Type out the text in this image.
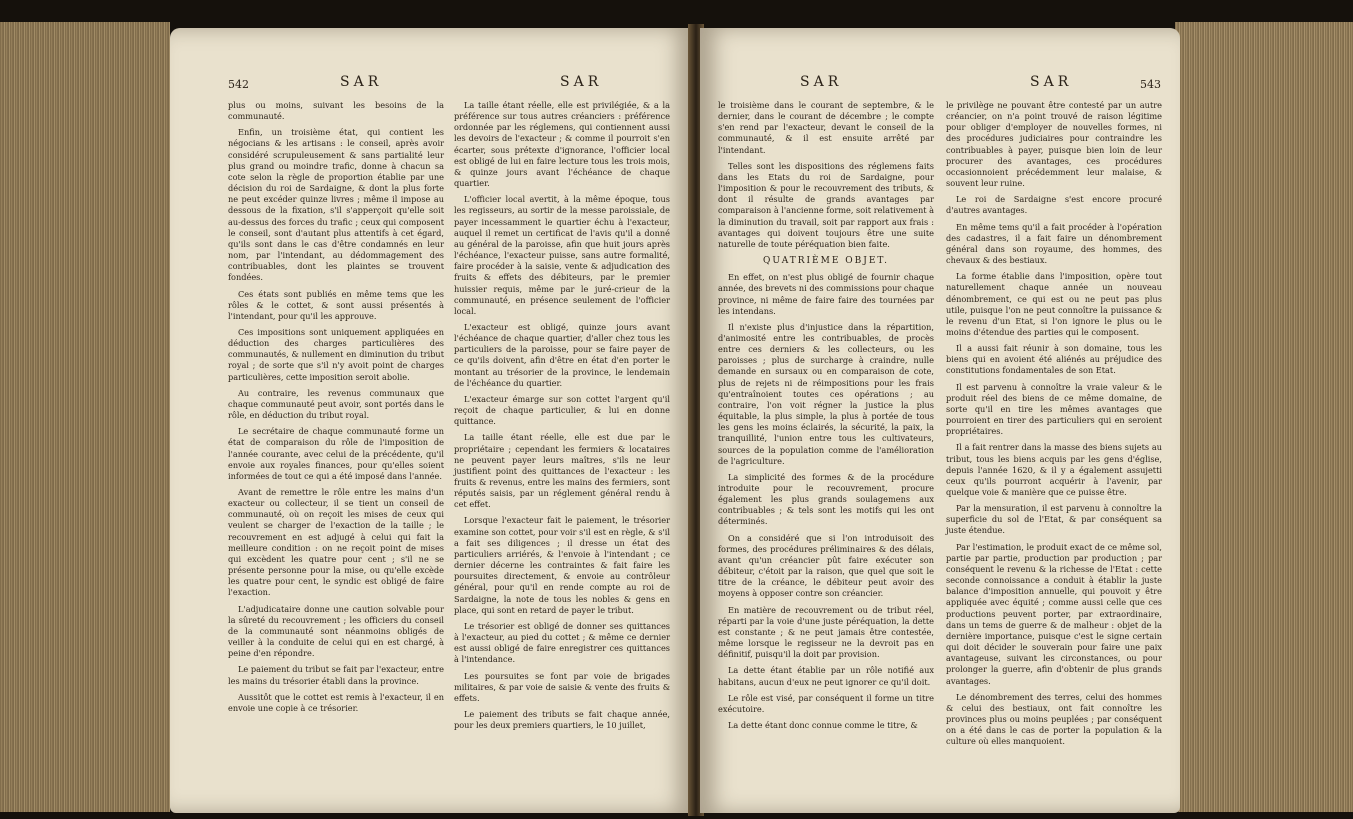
542	SAR	SAR

plus ou moins, suivant les besoins de la communauté.

Enfin, un troisième état, qui contient les négocians & les artisans : le conseil, après avoir considéré scrupuleusement & sans partialité leur plus grand ou moindre trafic, donne à chacun sa cote selon la règle de proportion établie par une décision du roi de Sardaigne, & dont la plus forte ne peut excéder quinze livres ; même il impose au dessous de la fixation, s'il s'apperçoit qu'elle soit au-dessus des forces du trafic ; ceux qui composent le conseil, sont d'autant plus attentifs à cet égard, qu'ils sont dans le cas d'être condamnés en leur nom, par l'intendant, au dédommagement des contribuables, dont les plaintes se trouvent fondées.

Ces états sont publiés en même tems que les rôles & le cottet, & sont aussi présentés à l'intendant, pour qu'il les approuve.

Ces impositions sont uniquement appliquées en déduction des charges particulières des communautés, & nullement en diminution du tribut royal ; de sorte que s'il n'y avoit point de charges particulières, cette imposition seroit abolie.

Au contraire, les revenus communaux que chaque communauté peut avoir, sont portés dans le rôle, en déduction du tribut royal.

Le secrétaire de chaque communauté forme un état de comparaison du rôle de l'imposition de l'année courante, avec celui de la précédente, qu'il envoie aux royales finances, pour qu'elles soient informées de tout ce qui a été imposé dans l'année.

Avant de remettre le rôle entre les mains d'un exacteur ou collecteur, il se tient un conseil de communauté, où on reçoit les mises de ceux qui veulent se charger de l'exaction de la taille ; le recouvrement en est adjugé à celui qui fait la meilleure condition : on ne reçoit point de mises qui excèdent les quatre pour cent ; s'il ne se présente personne pour la mise, ou qu'elle excède les quatre pour cent, le syndic est obligé de faire l'exaction.

L'adjudicataire donne une caution solvable pour la sûreté du recouvrement ; les officiers du conseil de la communauté sont néanmoins obligés de veiller à la conduite de celui qui en est chargé, à peine d'en répondre.

Le paiement du tribut se fait par l'exacteur, entre les mains du trésorier établi dans la province.

Aussitôt que le cottet est remis à l'exacteur, il en envoie une copie à ce trésorier.

La taille étant réelle, elle est privilégiée, & a la préférence sur tous autres créanciers : préférence ordonnée par les réglemens, qui contiennent aussi les devoirs de l'exacteur ; & comme il pourroit s'en écarter, sous prétexte d'ignorance, l'officier local est obligé de lui en faire lecture tous les trois mois, & quinze jours avant l'échéance de chaque quartier.

L'officier local avertit, à la même époque, tous les regisseurs, au sortir de la messe paroissiale, de payer incessamment le quartier échu à l'exacteur, auquel il remet un certificat de l'avis qu'il a donné au général de la paroisse, afin que huit jours après l'échéance, l'exacteur puisse, sans autre formalité, faire procéder à la saisie, vente & adjudication des fruits & effets des débiteurs, par le premier huissier requis, même par le juré-crieur de la communauté, en présence seulement de l'officier local.

L'exacteur est obligé, quinze jours avant l'échéance de chaque quartier, d'aller chez tous les particuliers de la paroisse, pour se faire payer de ce qu'ils doivent, afin d'être en état d'en porter le montant au trésorier de la province, le lendemain de l'échéance du quartier.

L'exacteur émarge sur son cottet l'argent qu'il reçoit de chaque particulier, & lui en donne quittance.

La taille étant réelle, elle est due par le propriétaire ; cependant les fermiers & locataires ne peuvent payer leurs maîtres, s'ils ne leur justifient point des quittances de l'exacteur : les fruits & revenus, entre les mains des fermiers, sont réputés saisis, par un réglement général rendu à cet effet.

Lorsque l'exacteur fait le paiement, le trésorier examine son cottet, pour voir s'il est en règle, & s'il a fait ses diligences ; il dresse un état des particuliers arriérés, & l'envoie à l'intendant ; ce dernier décerne les contraintes & fait faire les poursuites directement, & envoie au contrôleur général, pour qu'il en rende compte au roi de Sardaigne, la note de tous les nobles & gens en place, qui sont en retard de payer le tribut.

Le trésorier est obligé de donner ses quittances à l'exacteur, au pied du cottet ; & même ce dernier est aussi obligé de faire enregistrer ces quittances à l'intendance.

Les poursuites se font par voie de brigades militaires, & par voie de saisie & vente des fruits & effets.

Le paiement des tributs se fait chaque année, pour les deux premiers quartiers, le 10 juillet,

SAR	SAR	543

le troisième dans le courant de septembre, & le dernier, dans le courant de décembre ; le compte s'en rend par l'exacteur, devant le conseil de la communauté, & il est ensuite arrêté par l'intendant.

Telles sont les dispositions des réglemens faits dans les Etats du roi de Sardaigne, pour l'imposition & pour le recouvrement des tributs, & dont il résulte de grands avantages par comparaison à l'ancienne forme, soit relativement à la diminution du travail, soit par rapport aux frais : avantages qui doivent toujours être une suite naturelle de toute péréquation bien faite.

QUATRIÈME OBJET.

En effet, on n'est plus obligé de fournir chaque année, des brevets ni des commissions pour chaque province, ni même de faire faire des tournées par les intendans.

Il n'existe plus d'injustice dans la répartition, d'animosité entre les contribuables, de procès entre ces derniers & les collecteurs, ou les paroisses ; plus de surcharge à craindre, nulle demande en sursaux ou en comparaison de cote, plus de rejets ni de réimpositions pour les frais qu'entraînoient toutes ces opérations ; au contraire, l'on voit régner la justice la plus équitable, la plus simple, la plus à portée de tous les gens les moins éclairés, la sécurité, la paix, la tranquillité, l'union entre tous les cultivateurs, sources de la population comme de l'amélioration de l'agriculture.

La simplicité des formes & de la procédure introduite pour le recouvrement, procure également les plus grands soulagemens aux contribuables ; & tels sont les motifs qui les ont déterminés.

On a considéré que si l'on introduisoit des formes, des procédures préliminaires & des délais, avant qu'un créancier pût faire exécuter son débiteur, c'étoit par la raison, que quel que soit le titre de la créance, le débiteur peut avoir des moyens à opposer contre son créancier.

En matière de recouvrement ou de tribut réel, réparti par la voie d'une juste péréquation, la dette est constante ; & ne peut jamais être contestée, même lorsque le regisseur ne la devroit pas en définitif, puisqu'il la doit par provision.

La dette étant établie par un rôle notifié aux habitans, aucun d'eux ne peut ignorer ce qu'il doit.

Le rôle est visé, par conséquent il forme un titre exécutoire.

La dette étant donc connue comme le titre, &

le privilège ne pouvant être contesté par un autre créancier, on n'a point trouvé de raison légitime pour obliger d'employer de nouvelles formes, ni des procédures judiciaires pour contraindre les contribuables à payer, puisque bien loin de leur procurer des avantages, ces procédures occasionnoient précédemment leur malaise, & souvent leur ruine.

Le roi de Sardaigne s'est encore procuré d'autres avantages.

En même tems qu'il a fait procéder à l'opération des cadastres, il a fait faire un dénombrement général dans son royaume, des hommes, des chevaux & des bestiaux.

La forme établie dans l'imposition, opère tout naturellement chaque année un nouveau dénombrement, ce qui est ou ne peut pas plus utile, puisque l'on ne peut connoître la puissance & le revenu d'un Etat, si l'on ignore le plus ou le moins d'étendue des parties qui le composent.

Il a aussi fait réunir à son domaine, tous les biens qui en avoient été aliénés au préjudice des constitutions fondamentales de son Etat.

Il est parvenu à connoître la vraie valeur & le produit réel des biens de ce même domaine, de sorte qu'il en tire les mêmes avantages que pourroient en tirer des particuliers qui en seroient propriétaires.

Il a fait rentrer dans la masse des biens sujets au tribut, tous les biens acquis par les gens d'église, depuis l'année 1620, & il y a également assujetti ceux qu'ils pourront acquérir à l'avenir, par quelque voie & manière que ce puisse être.

Par la mensuration, il est parvenu à connoître la superficie du sol de l'Etat, & par conséquent sa juste étendue.

Par l'estimation, le produit exact de ce même sol, partie par partie, production par production ; par conséquent le revenu & la richesse de l'Etat : cette seconde connoissance a conduit à établir la juste balance d'imposition annuelle, qui pouvoit y être appliquée avec équité ; comme aussi celle que ces productions peuvent porter, par extraordinaire, dans un tems de guerre & de malheur : objet de la dernière importance, puisque c'est le signe certain qui doit décider le souverain pour faire une paix avantageuse, suivant les circonstances, ou pour prolonger la guerre, afin d'obtenir de plus grands avantages.

Le dénombrement des terres, celui des hommes & celui des bestiaux, ont fait connoître les provinces plus ou moins peuplées ; par conséquent on a été dans le cas de porter la population & la culture où elles manquoient.
